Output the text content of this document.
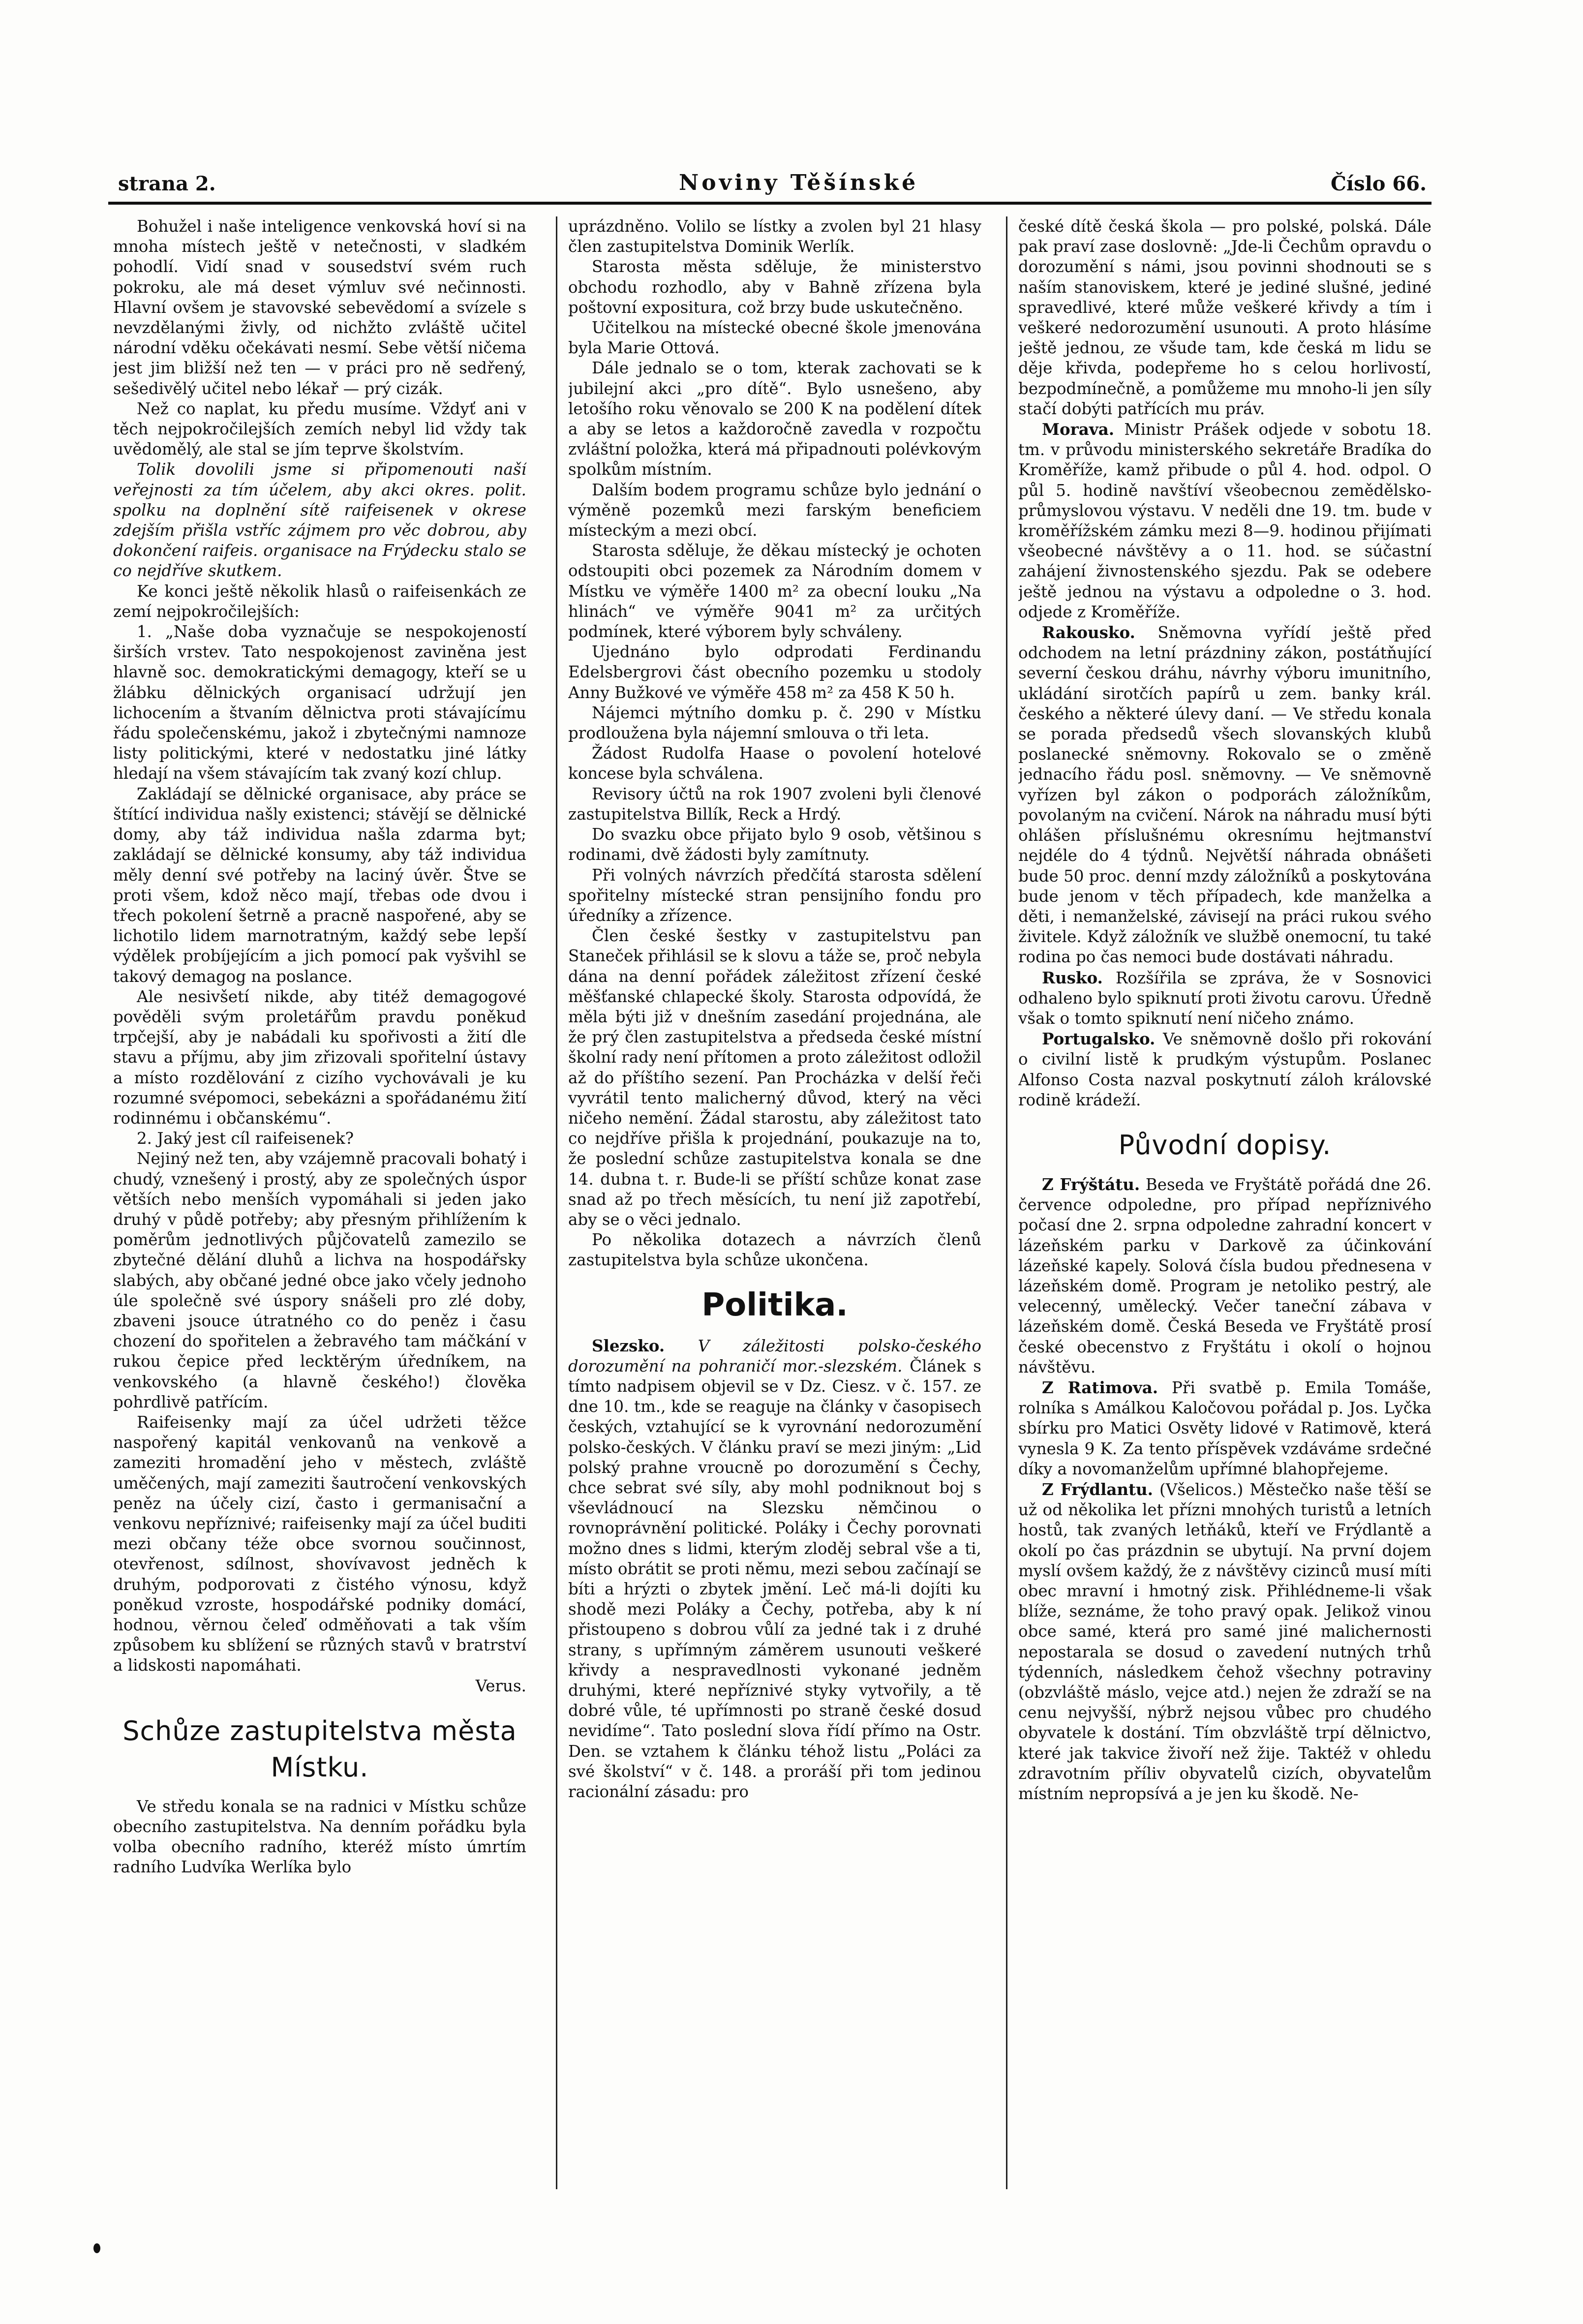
strana 2.	Noviny Těšínské	Číslo 66.

Bohužel i naše inteligence venkovská hoví si na mnoha místech ještě v netečnosti, v sladkém pohodlí. Vidí snad v sousedství svém ruch pokroku, ale má deset výmluv své nečinnosti. Hlavní ovšem je stavovské sebevědomí a svízele s nevzdělanými živly, od nichžto zvláště učitel národní vděku očekávati nesmí. Sebe větší ničema jest jim bližší než ten — v práci pro ně sedřený, sešedivělý učitel nebo lékař — prý cizák.

Než co naplat, ku předu musíme. Vždyť ani v těch nejpokročilejších zemích nebyl lid vždy tak uvědomělý, ale stal se jím teprve školstvím.

Tolik dovolili jsme si připomenouti naší veřejnosti za tím účelem, aby akci okres. polit. spolku na doplnění sítě raifeisenek v okrese zdejším přišla vstříc zájmem pro věc dobrou, aby dokončení raifeis. organisace na Frýdecku stalo se co nejdříve skutkem.

Ke konci ještě několik hlasů o raifeisenkách ze zemí nejpokročilejších:

1. „Naše doba vyznačuje se nespokojeností širších vrstev. Tato nespokojenost zaviněna jest hlavně soc. demokratickými demagogy, kteří se u žlábku dělnických organisací udržují jen lichocením a štvaním dělnictva proti stávajícímu řádu společenskému, jakož i zbytečnými namnoze listy politickými, které v nedostatku jiné látky hledají na všem stávajícím tak zvaný kozí chlup.

Zakládají se dělnické organisace, aby práce se štítící individua našly existenci; stávějí se dělnické domy, aby táž individua našla zdarma byt; zakládají se dělnické konsumy, aby táž individua měly denní své potřeby na laciný úvěr. Štve se proti všem, kdož něco mají, třebas ode dvou i třech pokolení šetrně a pracně naspořené, aby se lichotilo lidem marnotratným, každý sebe lepší výdělek probíjejícím a jich pomocí pak vyšvihl se takový demagog na poslance.

Ale nesivšetí nikde, aby titéž demagogové pověděli svým proletářům pravdu poněkud trpčejší, aby je nabádali ku spořivosti a žití dle stavu a příjmu, aby jim zřizovali spořitelní ústavy a místo rozdělování z cizího vychovávali je ku rozumné svépomoci, sebekázni a spořádanému žití rodinnému i občanskému“.

2. Jaký jest cíl raifeisenek?

Nejiný než ten, aby vzájemně pracovali bohatý i chudý, vznešený i prostý, aby ze společných úspor větších nebo menších vypomáhali si jeden jako druhý v půdě potřeby; aby přesným přihlížením k poměrům jednotlivých půjčovatelů zamezilo se zbytečné dělání dluhů a lichva na hospodářsky slabých, aby občané jedné obce jako včely jednoho úle společně své úspory snášeli pro zlé doby, zbaveni jsouce útratného co do peněz i času chození do spořitelen a žebravého tam máčkání v rukou čepice před lecktěrým úředníkem, na venkovského (a hlavně českého!) člověka pohrdlivě patřícím.

Raifeisenky mají za účel udržeti těžce naspořený kapitál venkovanů na venkově a zameziti hromadění jeho v městech, zvláště uměčených, mají zameziti šautročení venkovských peněz na účely cizí, často i germanisační a venkovu nepříznivé; raifeisenky mají za účel buditi mezi občany téže obce svornou součinnost, otevřenost, sdílnost, shovívavost jedněch k druhým, podporovati z čistého výnosu, když poněkud vzroste, hospodářské podniky domácí, hodnou, věrnou čeleď odměňovati a tak vším způsobem ku sblížení se různých stavů v bratrství a lidskosti napomáhati.

Verus.

Schůze zastupitelstva města
Místku.

Ve středu konala se na radnici v Místku schůze obecního zastupitelstva. Na denním pořádku byla volba obecního radního, kteréž místo úmrtím radního Ludvíka Werlíka bylo

uprázdněno. Volilo se lístky a zvolen byl 21 hlasy člen zastupitelstva Dominik Werlík.

Starosta města sděluje, že ministerstvo obchodu rozhodlo, aby v Bahně zřízena byla poštovní expositura, což brzy bude uskutečněno.

Učitelkou na místecké obecné škole jmenována byla Marie Ottová.

Dále jednalo se o tom, kterak zachovati se k jubilejní akci „pro dítě“. Bylo usnešeno, aby letošího roku věnovalo se 200 K na podělení dítek a aby se letos a každoročně zavedla v rozpočtu zvláštní položka, která má připadnouti polévkovým spolkům místním.

Dalším bodem programu schůze bylo jednání o výměně pozemků mezi farským beneficiem místeckým a mezi obcí.

Starosta sděluje, že děkau místecký je ochoten odstoupiti obci pozemek za Národním domem v Místku ve výměře 1400 m² za obecní louku „Na hlinách“ ve výměře 9041 m² za určitých podmínek, které výborem byly schváleny.

Ujednáno bylo odprodati Ferdinandu Edelsbergrovi část obecního pozemku u stodoly Anny Bužkové ve výměře 458 m² za 458 K 50 h.

Nájemci mýtního domku p. č. 290 v Místku prodloužena byla nájemní smlouva o tři leta.

Žádost Rudolfa Haase o povolení hotelové koncese byla schválena.

Revisory účtů na rok 1907 zvoleni byli členové zastupitelstva Billík, Reck a Hrdý.

Do svazku obce přijato bylo 9 osob, většinou s rodinami, dvě žádosti byly zamítnuty.

Při volných návrzích předčítá starosta sdělení spořitelny místecké stran pensijního fondu pro úředníky a zřízence.

Člen české šestky v zastupitelstvu pan Staneček přihlásil se k slovu a táže se, proč nebyla dána na denní pořádek záležitost zřízení české měšťanské chlapecké školy. Starosta odpovídá, že měla býti již v dnešním zasedání projednána, ale že prý člen zastupitelstva a předseda české místní školní rady není přítomen a proto záležitost odložil až do příštího sezení. Pan Procházka v delší řeči vyvrátil tento malicherný důvod, který na věci ničeho nemění. Žádal starostu, aby záležitost tato co nejdříve přišla k projednání, poukazuje na to, že poslední schůze zastupitelstva konala se dne 14. dubna t. r. Bude-li se příští schůze konat zase snad až po třech měsících, tu není již zapotřebí, aby se o věci jednalo.

Po několika dotazech a návrzích členů zastupitelstva byla schůze ukončena.

Politika.

Slezsko. V záležitosti polsko-českého dorozumění na pohraničí mor.-slezském. Článek s tímto nadpisem objevil se v Dz. Ciesz. v č. 157. ze dne 10. tm., kde se reaguje na články v časopisech českých, vztahující se k vyrovnání nedorozumění polsko-českých. V článku praví se mezi jiným: „Lid polský prahne vroucně po dorozumění s Čechy, chce sebrat své síly, aby mohl podniknout boj s vševládnoucí na Slezsku němčinou o rovnoprávnění politické. Poláky i Čechy porovnati možno dnes s lidmi, kterým zloděj sebral vše a ti, místo obrátit se proti němu, mezi sebou začínají se bíti a hrýzti o zbytek jmění. Leč má-li dojíti ku shodě mezi Poláky a Čechy, potřeba, aby k ní přistoupeno s dobrou vůlí za jedné tak i z druhé strany, s upřímným záměrem usunouti veškeré křivdy a nespravedlnosti vykonané jedněm druhými, které nepříznivé styky vytvořily, a tě dobré vůle, té upřímnosti po straně české dosud nevidíme“. Tato poslední slova řídí přímo na Ostr. Den. se vztahem k článku téhož listu „Poláci za své školství“ v č. 148. a proráší při tom jedinou racionální zásadu: pro

české dítě česká škola — pro polské, polská. Dále pak praví zase doslovně: „Jde-li Čechům opravdu o dorozumění s námi, jsou povinni shodnouti se s naším stanoviskem, které je jediné slušné, jediné spravedlivé, které může veškeré křivdy a tím i veškeré nedorozumění usunouti. A proto hlásíme ještě jednou, ze všude tam, kde česká m lidu se děje křivda, podepřeme ho s celou horlivostí, bezpodmínečně, a pomůžeme mu mnoho-li jen síly stačí dobýti patřících mu práv.

Morava. Ministr Prášek odjede v sobotu 18. tm. v průvodu ministerského sekretáře Bradíka do Kroměříže, kamž přibude o půl 4. hod. odpol. O půl 5. hodině navštíví všeobecnou zemědělsko-průmyslovou výstavu. V neděli dne 19. tm. bude v kroměřížském zámku mezi 8—9. hodinou přijímati všeobecné návštěvy a o 11. hod. se súčastní zahájení živnostenského sjezdu. Pak se odebere ještě jednou na výstavu a odpoledne o 3. hod. odjede z Kroměříže.

Rakousko. Sněmovna vyřídí ještě před odchodem na letní prázdniny zákon, postátňující severní českou dráhu, návrhy výboru imunitního, ukládání sirotčích papírů u zem. banky král. českého a některé úlevy daní. — Ve středu konala se porada předsedů všech slovanských klubů poslanecké sněmovny. Rokovalo se o změně jednacího řádu posl. sněmovny. — Ve sněmovně vyřízen byl zákon o podporách záložníkům, povolaným na cvičení. Nárok na náhradu musí býti ohlášen příslušnému okresnímu hejtmanství nejdéle do 4 týdnů. Největší náhrada obnášeti bude 50 proc. denní mzdy záložníků a poskytována bude jenom v těch případech, kde manželka a děti, i nemanželské, závisejí na práci rukou svého živitele. Když záložník ve službě onemocní, tu také rodina po čas nemoci bude dostávati náhradu.

Rusko. Rozšířila se zpráva, že v Sosnovici odhaleno bylo spiknutí proti životu carovu. Úředně však o tomto spiknutí není ničeho známo.

Portugalsko. Ve sněmovně došlo při rokování o civilní listě k prudkým výstupům. Poslanec Alfonso Costa nazval poskytnutí záloh královské rodině krádeží.

Původní dopisy.

Z Frýštátu. Beseda ve Fryštátě pořádá dne 26. července odpoledne, pro případ nepříznivého počasí dne 2. srpna odpoledne zahradní koncert v lázeňském parku v Darkově za účinkování lázeňské kapely. Solová čísla budou přednesena v lázeňském domě. Program je netoliko pestrý, ale velecenný, umělecký. Večer taneční zábava v lázeňském domě. Česká Beseda ve Fryštátě prosí české obecenstvo z Fryštátu i okolí o hojnou návštěvu.

Z Ratimova. Při svatbě p. Emila Tomáše, rolníka s Amálkou Kaločovou pořádal p. Jos. Lyčka sbírku pro Matici Osvěty lidové v Ratimově, která vynesla 9 K. Za tento příspěvek vzdáváme srdečné díky a novomanželům upřímné blahopřejeme.

Z Frýdlantu. (Všelicos.) Městečko naše těší se už od několika let přízni mnohých turistů a letních hostů, tak zvaných letňáků, kteří ve Frýdlantě a okolí po čas prázdnin se ubytují. Na první dojem myslí ovšem každý, že z návštěvy cizinců musí míti obec mravní i hmotný zisk. Přihlédneme-li však blíže, seznáme, že toho pravý opak. Jelikož vinou obce samé, která pro samé jiné malichernosti nepostarala se dosud o zavedení nutných trhů týdenních, následkem čehož všechny potraviny (obzvláště máslo, vejce atd.) nejen že zdraží se na cenu nejvyšší, nýbrž nejsou vůbec pro chudého obyvatele k dostání. Tím obzvláště trpí dělnictvo, které jak takvice živoří než žije. Taktéž v ohledu zdravotním příliv obyvatelů cizích, obyvatelům místním nepropsívá a je jen ku škodě. Ne-
